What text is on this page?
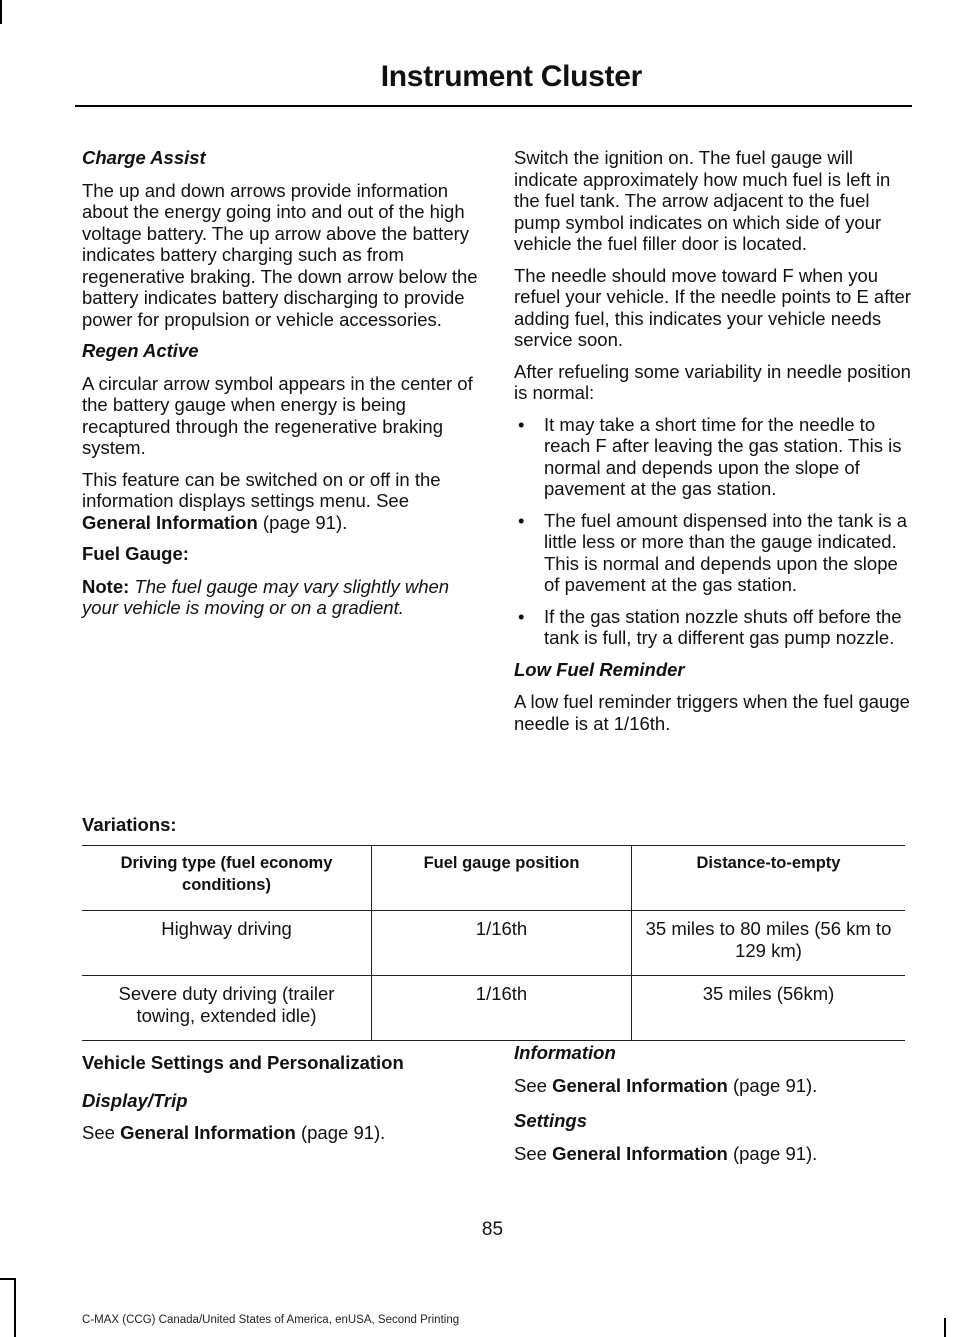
Instrument Cluster
Charge Assist

The up and down arrows provide information about the energy going into and out of the high voltage battery. The up arrow above the battery indicates battery charging such as from regenerative braking. The down arrow below the battery indicates battery discharging to provide power for propulsion or vehicle accessories.

Regen Active

A circular arrow symbol appears in the center of the battery gauge when energy is being recaptured through the regenerative braking system.

This feature can be switched on or off in the information displays settings menu. See General Information (page 91).

Fuel Gauge:

Note: The fuel gauge may vary slightly when your vehicle is moving or on a gradient.

Switch the ignition on. The fuel gauge will indicate approximately how much fuel is left in the fuel tank. The arrow adjacent to the fuel pump symbol indicates on which side of your vehicle the fuel filler door is located.

The needle should move toward F when you refuel your vehicle. If the needle points to E after adding fuel, this indicates your vehicle needs service soon.

After refueling some variability in needle position is normal:

• It may take a short time for the needle to reach F after leaving the gas station. This is normal and depends upon the slope of pavement at the gas station.
• The fuel amount dispensed into the tank is a little less or more than the gauge indicated. This is normal and depends upon the slope of pavement at the gas station.
• If the gas station nozzle shuts off before the tank is full, try a different gas pump nozzle.
Low Fuel Reminder

A low fuel reminder triggers when the fuel gauge needle is at 1/16th.

Variations:
Driving type (fuel economy conditions)	Fuel gauge position	Distance-to-empty
Highway driving	1/16th	35 miles to 80 miles (56 km to 129 km)
Severe duty driving (trailer towing, extended idle)	1/16th	35 miles (56km)
Vehicle Settings and Personalization
Display/Trip

See General Information (page 91).

Information

See General Information (page 91).

Settings

See General Information (page 91).

85
C-MAX (CCG) Canada/United States of America, enUSA, Second Printing
